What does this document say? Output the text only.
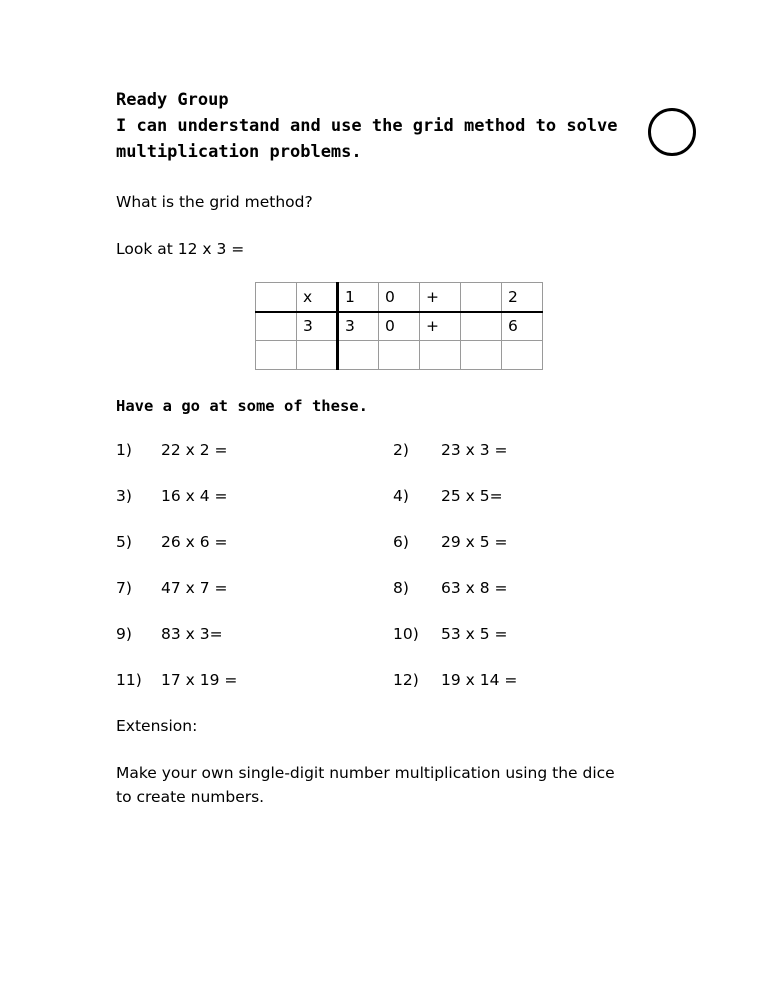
Ready Group
I can understand and use the grid method to solve
multiplication problems.
What is the grid method?
Look at 12 x 3 =
	x	1	0	+		2
	3	3	0	+		6

Have a go at some of these.
1) 22 x 2 =	2) 23 x 3 =
3) 16 x 4 =	4) 25 x 5=
5) 26 x 6 =	6) 29 x 5 =
7) 47 x 7 =	8) 63 x 8 =
9) 83 x 3=	10) 53 x 5 =
11) 17 x 19 =	12) 19 x 14 =
Extension:
Make your own single-digit number multiplication using the dice
to create numbers.
